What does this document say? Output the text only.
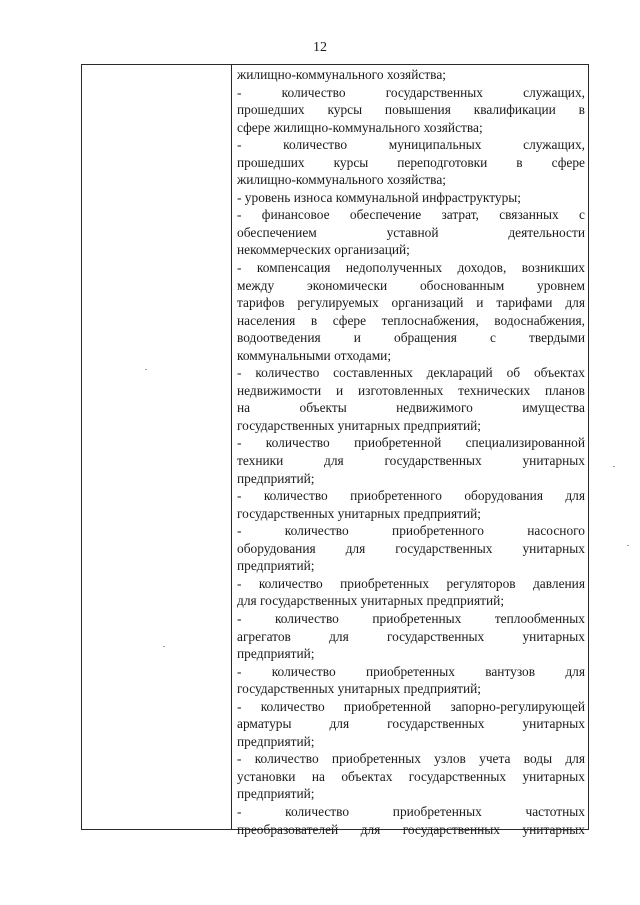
12
жилищно-коммунального хозяйства;
- количество государственных служащих,
прошедших курсы повышения квалификации в
сфере жилищно-коммунального хозяйства;
- количество муниципальных служащих,
прошедших курсы переподготовки в сфере
жилищно-коммунального хозяйства;
- уровень износа коммунальной инфраструктуры;
- финансовое обеспечение затрат, связанных с
обеспечением уставной деятельности
некоммерческих организаций;
- компенсация недополученных доходов, возникших
между экономически обоснованным уровнем
тарифов регулируемых организаций и тарифами для
населения в сфере теплоснабжения, водоснабжения,
водоотведения и обращения с твердыми
коммунальными отходами;
- количество составленных деклараций об объектах
недвижимости и изготовленных технических планов
на объекты недвижимого имущества
государственных унитарных предприятий;
- количество приобретенной специализированной
техники для государственных унитарных
предприятий;
- количество приобретенного оборудования для
государственных унитарных предприятий;
- количество приобретенного насосного
оборудования для государственных унитарных
предприятий;
- количество приобретенных регуляторов давления
для государственных унитарных предприятий;
- количество приобретенных теплообменных
агрегатов для государственных унитарных
предприятий;
- количество приобретенных вантузов для
государственных унитарных предприятий;
- количество приобретенной запорно-регулирующей
арматуры для государственных унитарных
предприятий;
- количество приобретенных узлов учета воды для
установки на объектах государственных унитарных
предприятий;
- количество приобретенных частотных
преобразователей для государственных унитарных
